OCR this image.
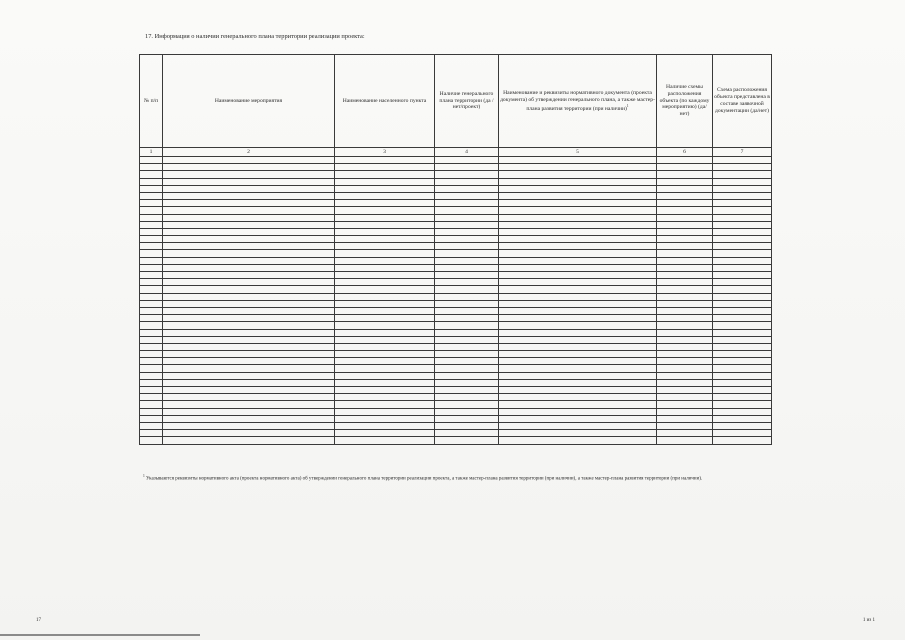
17. Информация о наличии генерального плана территории реализации проекта:
№ п/п	Наименование мероприятия	Наименование населенного пункта	Наличие генерального плана территории (да /нет/проект)	Наименование и реквизиты нормативного документа (проекта документа) об утверждении генерального плана, а также мастер-плана развития территории (при наличии)$^1$	Наличие схемы расположения объекта (по каждому мероприятию) (да/нет)	Схема расположения объекта представлена в составе заявочной документации (да/нет)
1	2	3	4	5	6	7

$^1$ Указываются реквизиты нормативного акта (проекта нормативного акта) об утверждении генерального плана территории реализации проекта, а также мастер-плана развития территории (при наличии), а также мастер-плана развития территории (при наличии).
17	1 из 1
